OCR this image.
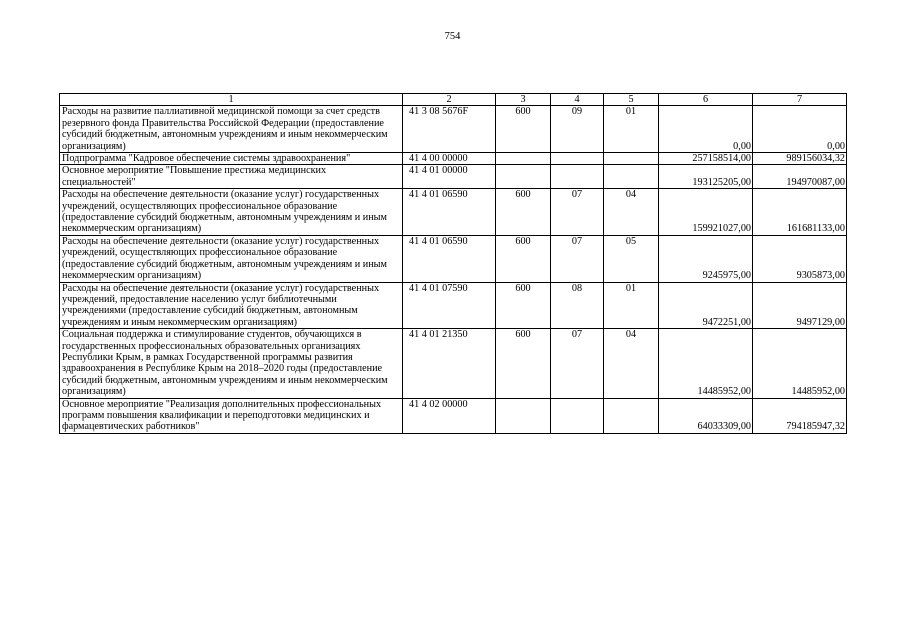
754
1	2	3	4	5	6	7
Расходы на развитие паллиативной медицинской помощи за счет средств резервного фонда Правительства Российской Федерации (предоставление субсидий бюджетным, автономным учреждениям и иным некоммерческим организациям)	41 3 08 5676F	600	09	01	0,00	0,00
Подпрограмма "Кадровое обеспечение системы здравоохранения"	41 4 00 00000				257158514,00	989156034,32
Основное мероприятие "Повышение престижа медицинских специальностей"	41 4 01 00000				193125205,00	194970087,00
Расходы на обеспечение деятельности (оказание услуг) государственных учреждений, осуществляющих профессиональное образование (предоставление субсидий бюджетным, автономным учреждениям и иным некоммерческим организациям)	41 4 01 06590	600	07	04	159921027,00	161681133,00
Расходы на обеспечение деятельности (оказание услуг) государственных учреждений, осуществляющих профессиональное образование (предоставление субсидий бюджетным, автономным учреждениям и иным некоммерческим организациям)	41 4 01 06590	600	07	05	9245975,00	9305873,00
Расходы на обеспечение деятельности (оказание услуг) государственных учреждений, предоставление населению услуг библиотечными учреждениями (предоставление субсидий бюджетным, автономным учреждениям и иным некоммерческим организациям)	41 4 01 07590	600	08	01	9472251,00	9497129,00
Социальная поддержка и стимулирование студентов, обучающихся в государственных профессиональных образовательных организациях Республики Крым, в рамках Государственной программы развития здравоохранения в Республике Крым на 2018–2020 годы (предоставление субсидий бюджетным, автономным учреждениям и иным некоммерческим организациям)	41 4 01 21350	600	07	04	14485952,00	14485952,00
Основное мероприятие "Реализация дополнительных профессиональных программ повышения квалификации и переподготовки медицинских и фармацевтических работников"	41 4 02 00000				64033309,00	794185947,32
